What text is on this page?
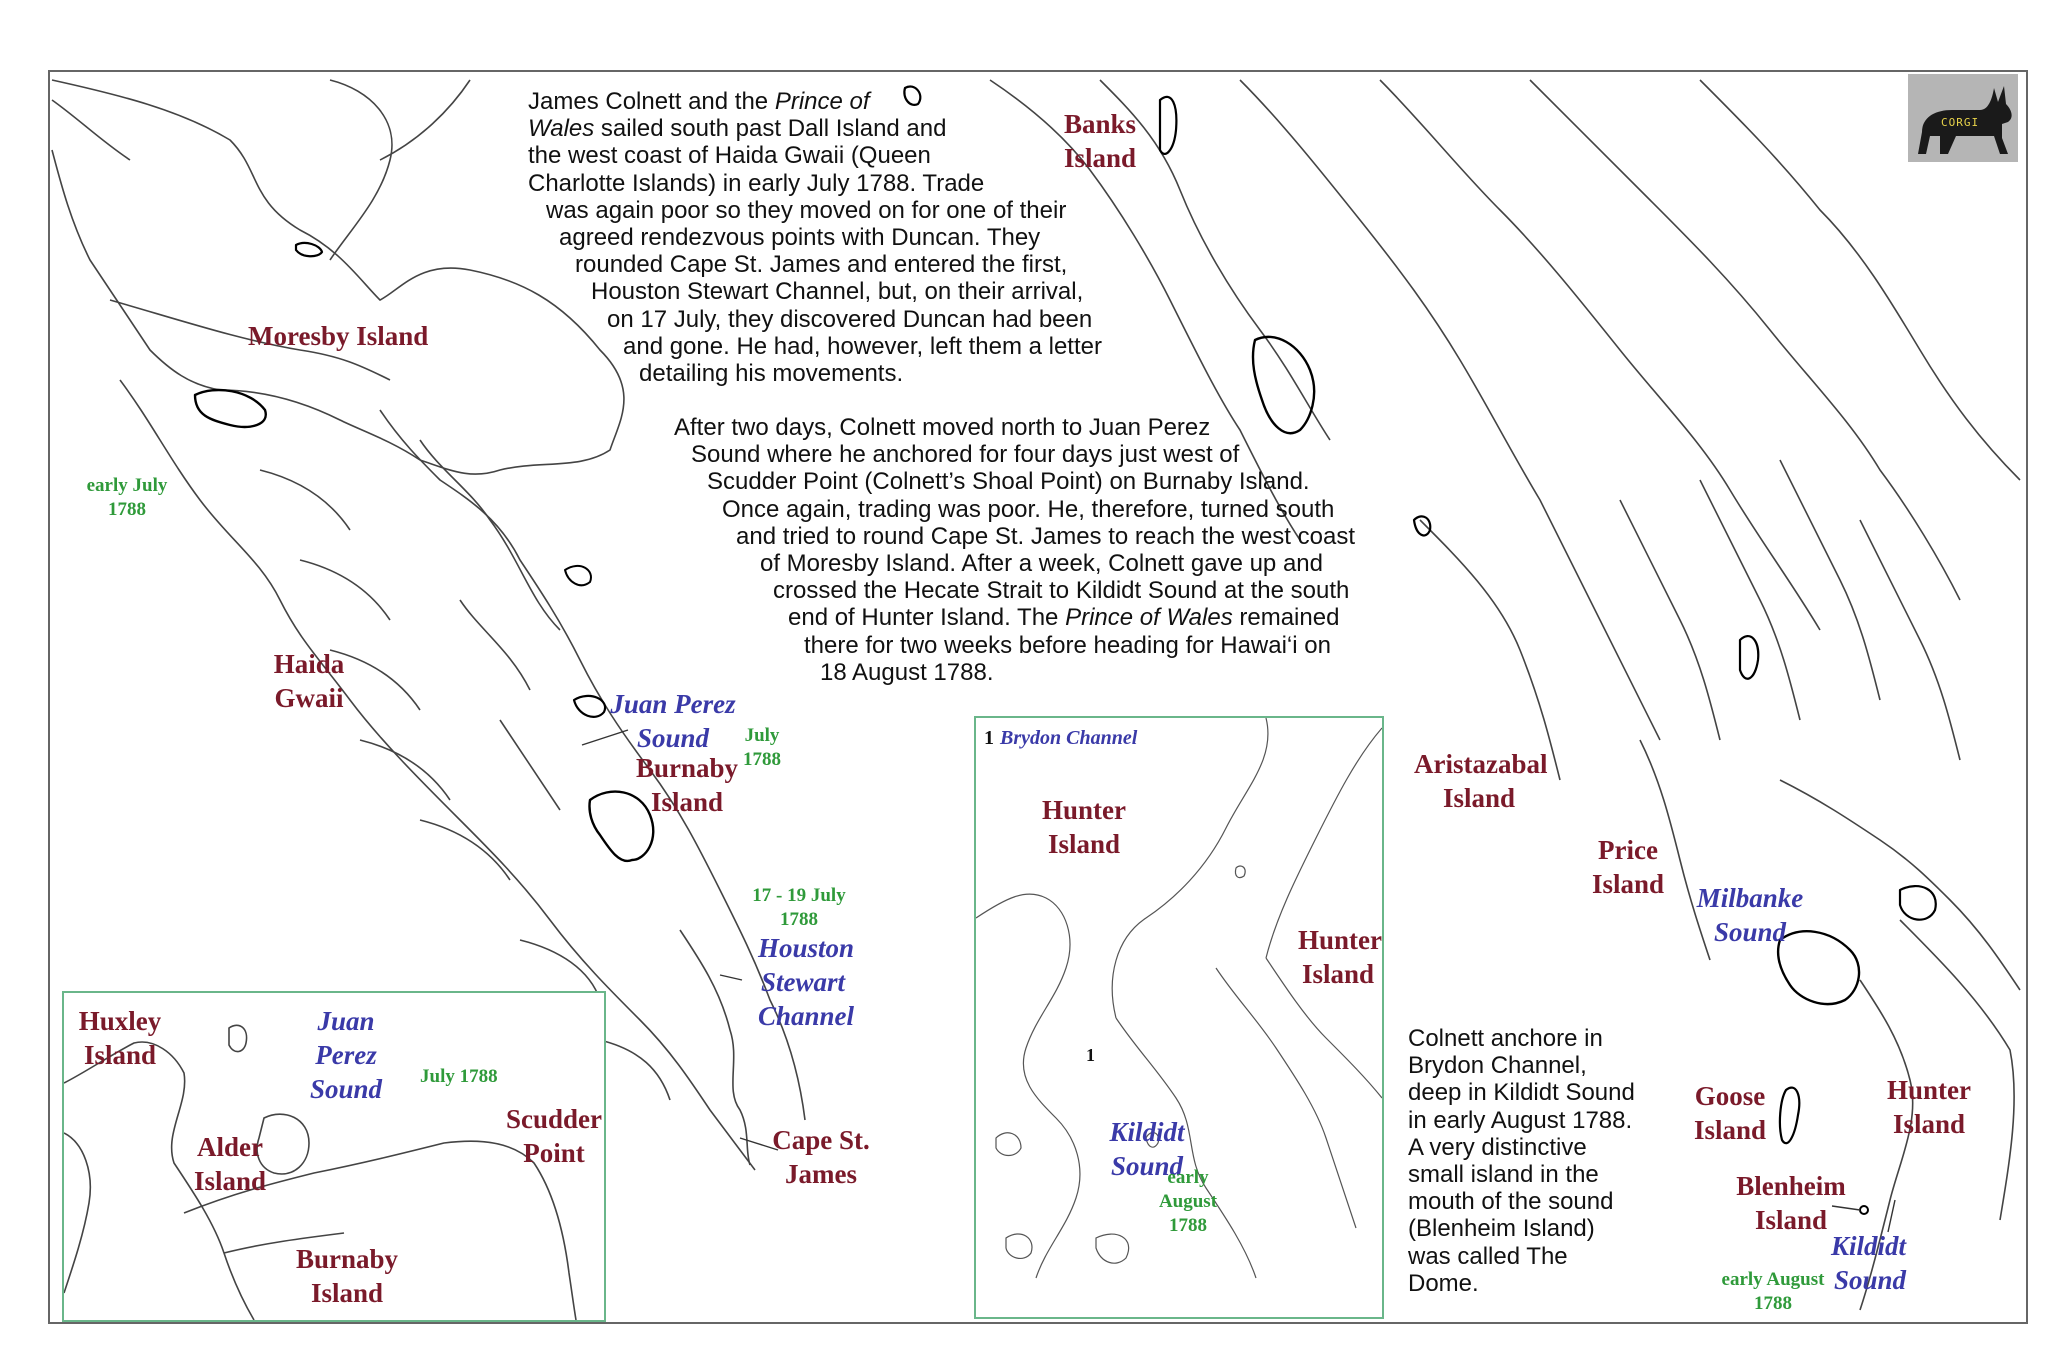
CORGI
James Colnett and the Prince of
Wales sailed south past Dall Island and
the west coast of Haida Gwaii (Queen
Charlotte Islands) in early July 1788. Trade
was again poor so they moved on for one of their
agreed rendezvous points with Duncan. They
rounded Cape St. James and entered the first,
Houston Stewart Channel, but, on their arrival,
on 17 July, they discovered Duncan had been
and gone. He had, however, left them a letter
detailing his movements.
After two days, Colnett moved north to Juan Perez
Sound where he anchored for four days just west of
Scudder Point (Colnett’s Shoal Point) on Burnaby Island.
Once again, trading was poor. He, therefore, turned south
and tried to round Cape St. James to reach the west coast
of Moresby Island. After a week, Colnett gave up and
crossed the Hecate Strait to Kildidt Sound at the south
end of Hunter Island. The Prince of Wales remained
there for two weeks before heading for Hawai‘i on
18 August 1788.
Banks Island
Moresby Island
early July 1788
Haida Gwaii	Juan Perez Sound	July 1788
Burnaby Island
17 - 19 July 1788
Houston Stewart Channel
Cape St. James
Aristazabal Island
Price Island Milbanke Sound
Goose Island
Hunter Island
Blenheim Island
Kildidt Sound
early August 1788
Colnett anchore in Brydon Channel, deep in Kildidt Sound in early August 1788. A very distinctive small island in the mouth of the sound (Blenheim Island) was called The Dome.
Huxley Island
Juan Perez Sound	July 1788
Scudder Point
Alder Island
Burnaby Island
1 Brydon Channel
Hunter Island
Hunter Island
1
Kildidt Sound
early August 1788
